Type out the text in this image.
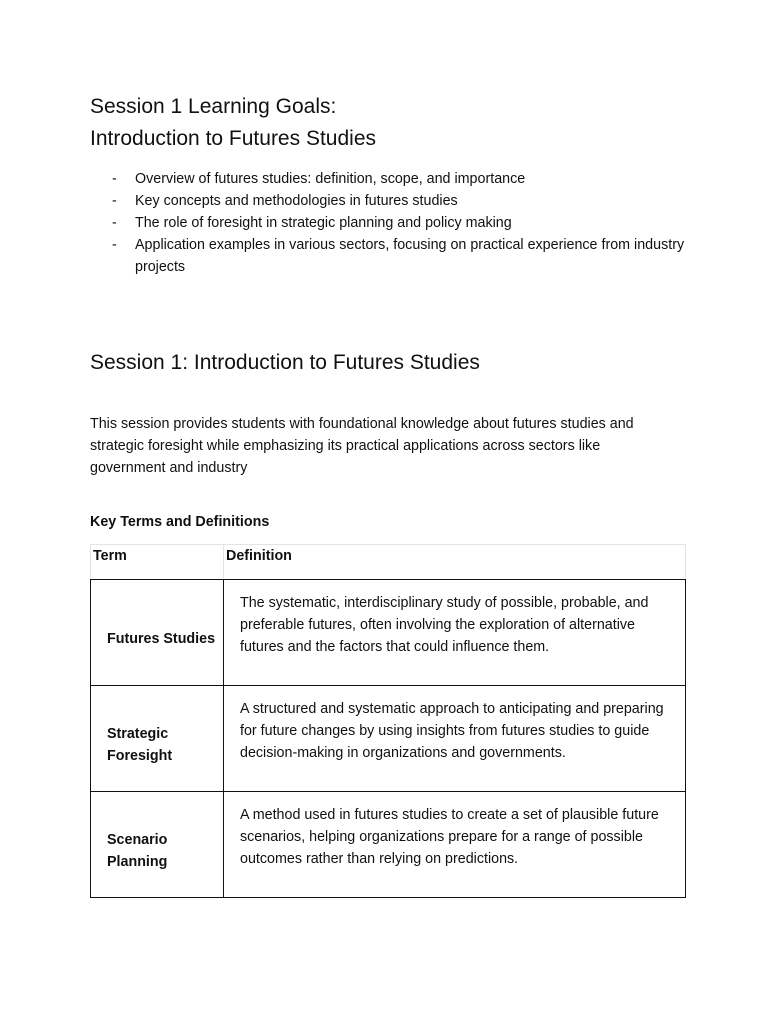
Session 1 Learning Goals:
Introduction to Futures Studies
- Overview of futures studies: definition, scope, and importance
- Key concepts and methodologies in futures studies
- The role of foresight in strategic planning and policy making
- Application examples in various sectors, focusing on practical experience from industry projects
Session 1: Introduction to Futures Studies

This session provides students with foundational knowledge about futures studies and strategic foresight while emphasizing its practical applications across sectors like government and industry

Key Terms and Definitions

Term	Definition
Futures Studies	The systematic, interdisciplinary study of possible, probable, and preferable futures, often involving the exploration of alternative futures and the factors that could influence them.
Strategic Foresight	A structured and systematic approach to anticipating and preparing for future changes by using insights from futures studies to guide decision-making in organizations and governments.
Scenario Planning	A method used in futures studies to create a set of plausible future scenarios, helping organizations prepare for a range of possible outcomes rather than relying on predictions.
